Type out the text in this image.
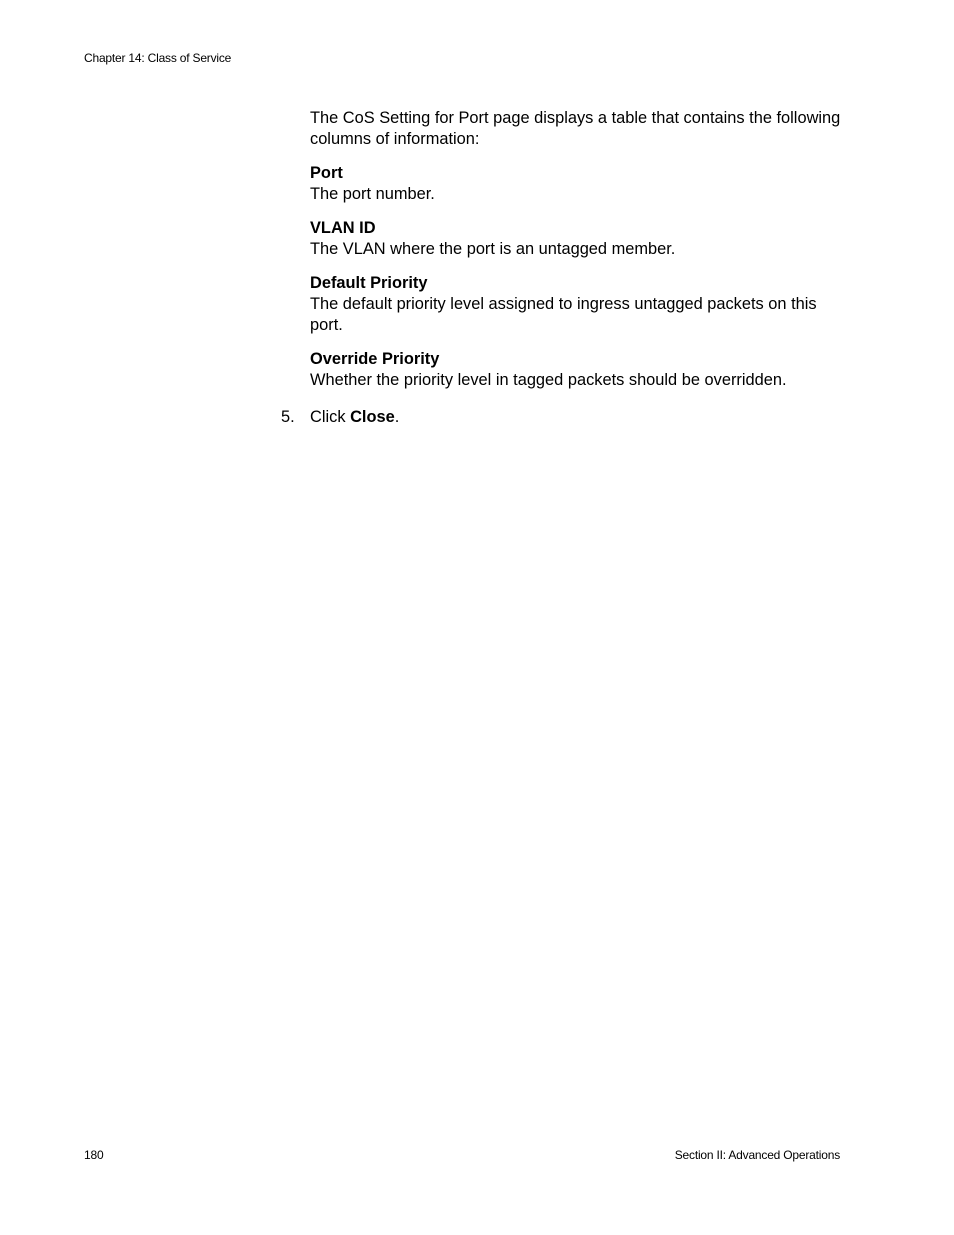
Chapter 14: Class of Service

The CoS Setting for Port page displays a table that contains the following columns of information:

Port
The port number.
VLAN ID
The VLAN where the port is an untagged member.
Default Priority
The default priority level assigned to ingress untagged packets on this port.
Override Priority
Whether the priority level in tagged packets should be overridden.
5. Click Close.
180	Section II: Advanced Operations
